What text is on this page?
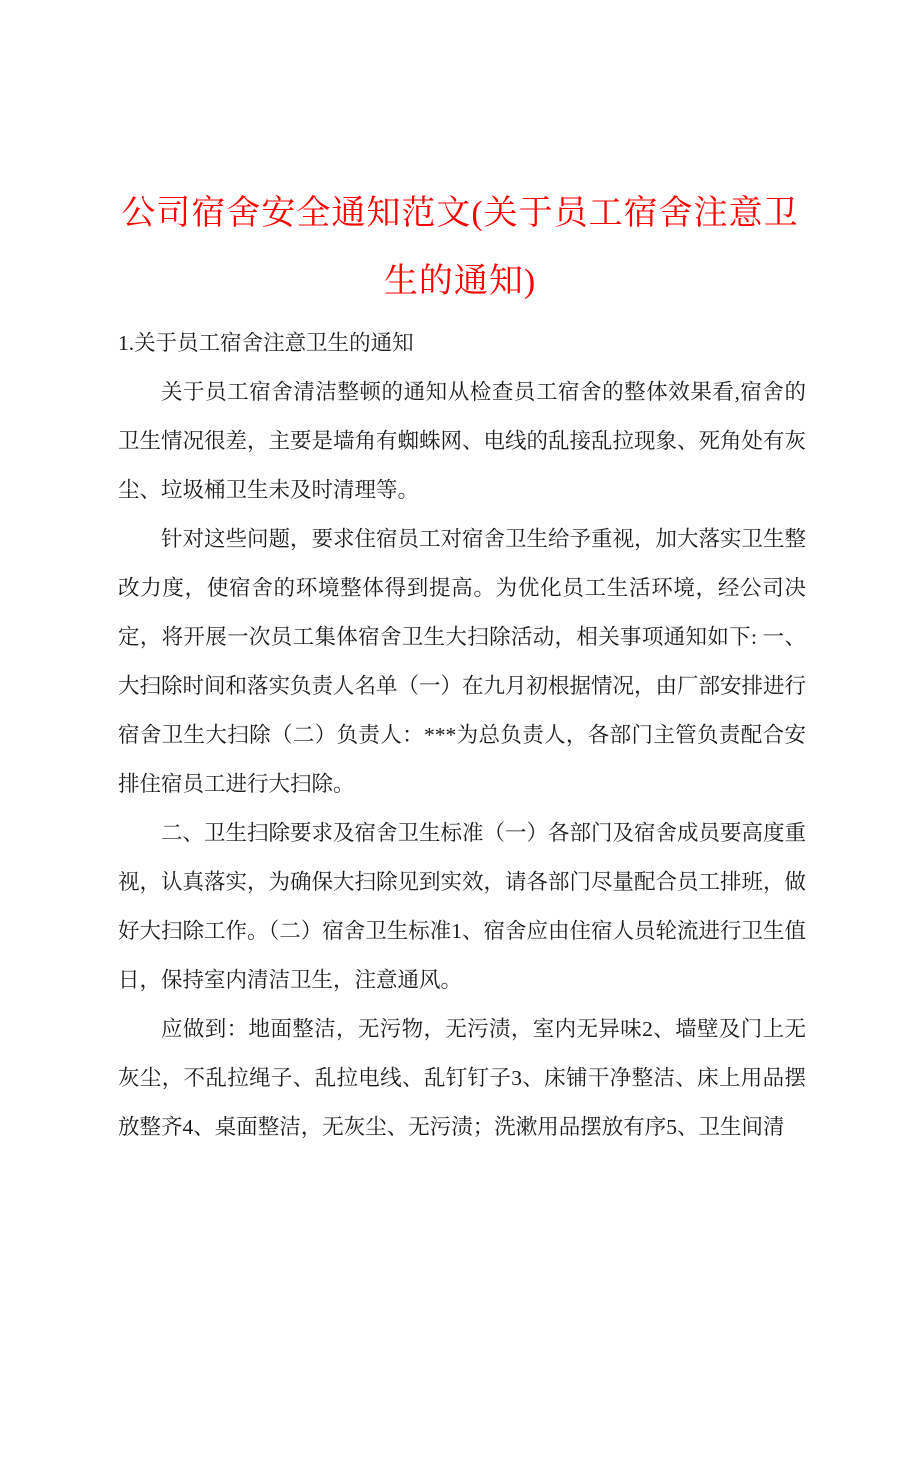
公司宿舍安全通知范文(关于员工宿舍注意卫
生的通知)

1.关于员工宿舍注意卫生的通知

关于员工宿舍清洁整顿的通知从检查员工宿舍的整体效果看,宿舍的卫生情况很差，主要是墙角有蜘蛛网、电线的乱接乱拉现象、死角处有灰尘、垃圾桶卫生未及时清理等。

针对这些问题，要求住宿员工对宿舍卫生给予重视，加大落实卫生整改力度，使宿舍的环境整体得到提高。为优化员工生活环境，经公司决定，将开展一次员工集体宿舍卫生大扫除活动，相关事项通知如下: 一、大扫除时间和落实负责人名单（一）在九月初根据情况，由厂部安排进行宿舍卫生大扫除（二）负责人：***为总负责人，各部门主管负责配合安排住宿员工进行大扫除。

二、卫生扫除要求及宿舍卫生标准（一）各部门及宿舍成员要高度重视，认真落实，为确保大扫除见到实效，请各部门尽量配合员工排班，做好大扫除工作。（二）宿舍卫生标准1、宿舍应由住宿人员轮流进行卫生值日，保持室内清洁卫生，注意通风。

应做到：地面整洁，无污物，无污渍，室内无异味2、墙壁及门上无灰尘，不乱拉绳子、乱拉电线、乱钉钉子3、床铺干净整洁、床上用品摆放整齐4、桌面整洁，无灰尘、无污渍；洗漱用品摆放有序5、卫生间清
